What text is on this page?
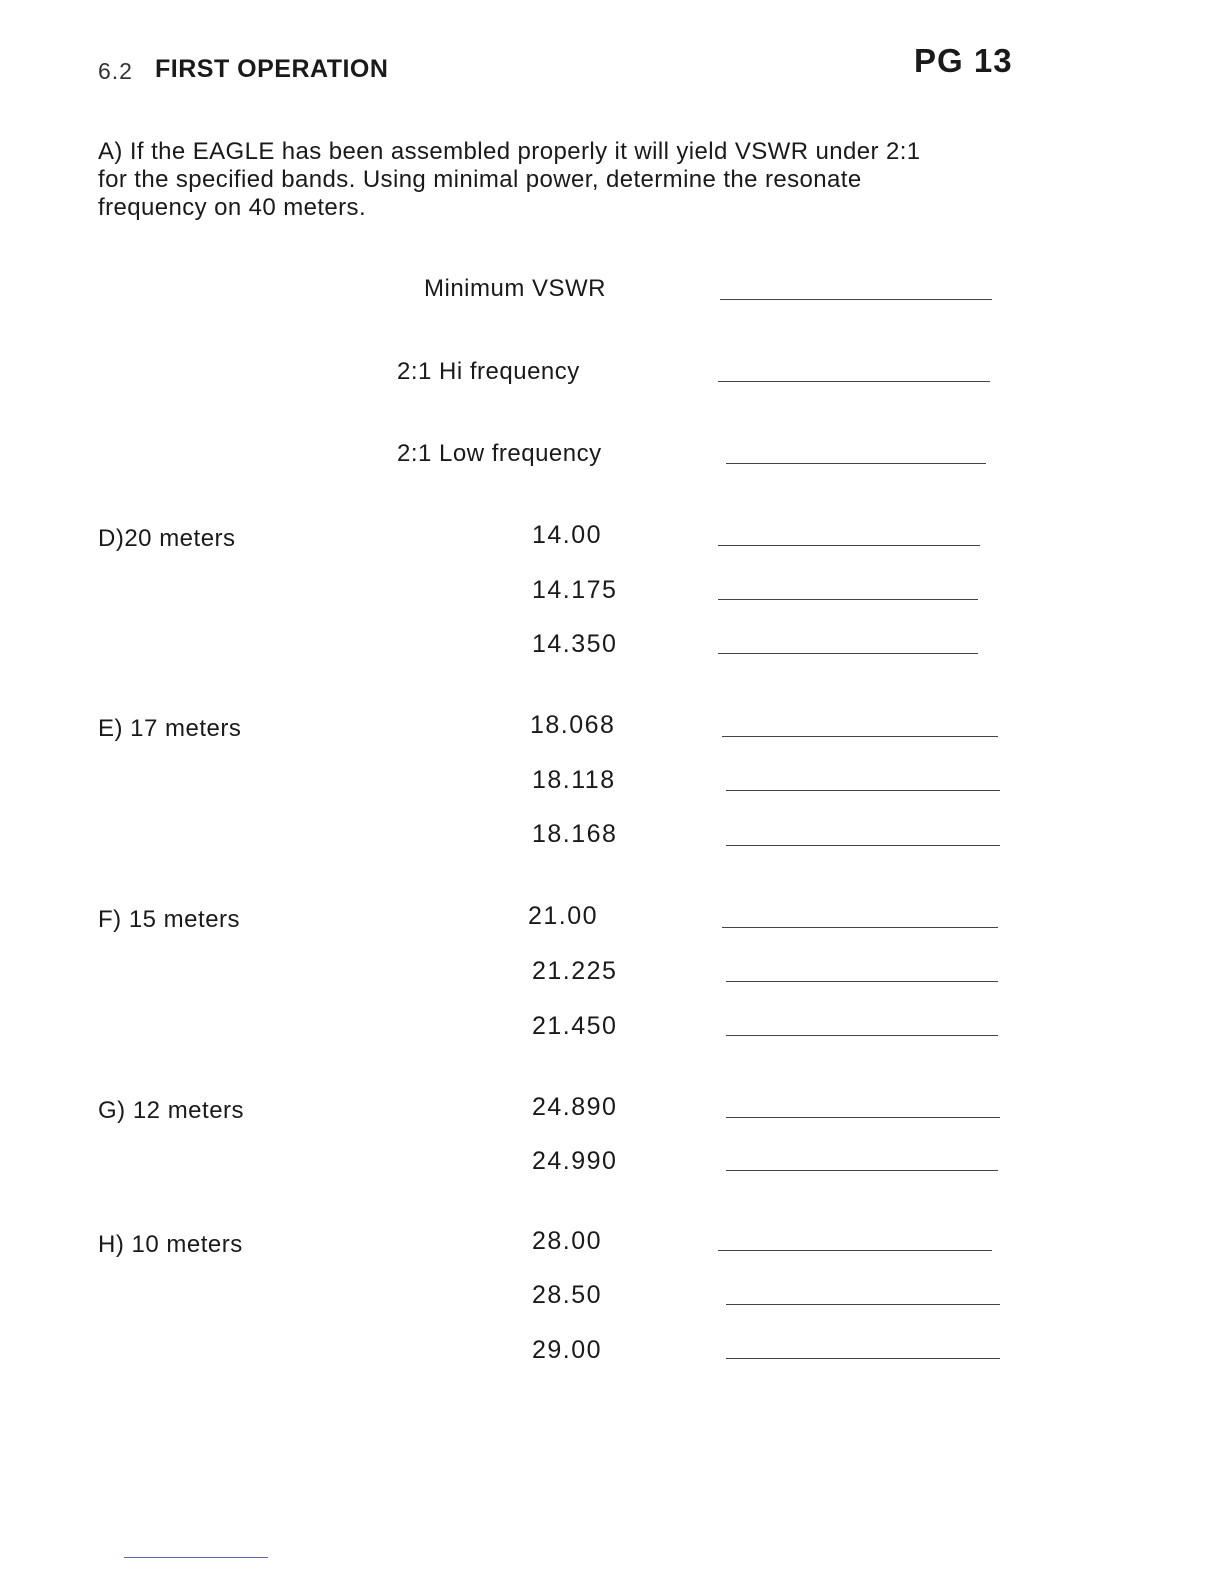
6.2 FIRST OPERATION	PG 13
A) If the EAGLE has been assembled properly it will yield VSWR under 2:1
for the specified bands. Using minimal power, determine the resonate
frequency on 40 meters.
Minimum VSWR
2:1 Hi frequency
2:1 Low frequency
D)20 meters	14.00
14.175
14.350
E) 17 meters	18.068
18.118
18.168
F) 15 meters	21.00
21.225
21.450
G) 12 meters	24.890
24.990
H) 10 meters	28.00
28.50
29.00
